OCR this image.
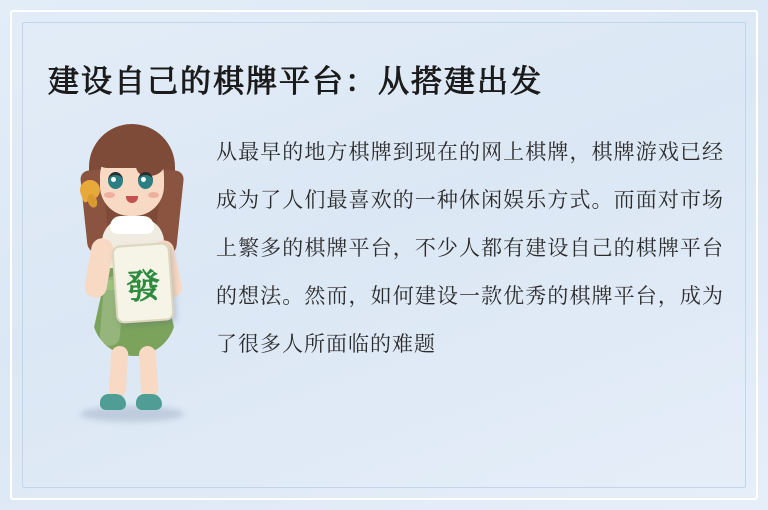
建设自己的棋牌平台：从搭建出发
發
从最早的地方棋牌到现在的网上棋牌，棋牌游戏已经成为了人们最喜欢的一种休闲娱乐方式。而面对市场上繁多的棋牌平台，不少人都有建设自己的棋牌平台的想法。然而，如何建设一款优秀的棋牌平台，成为了很多人所面临的难题
